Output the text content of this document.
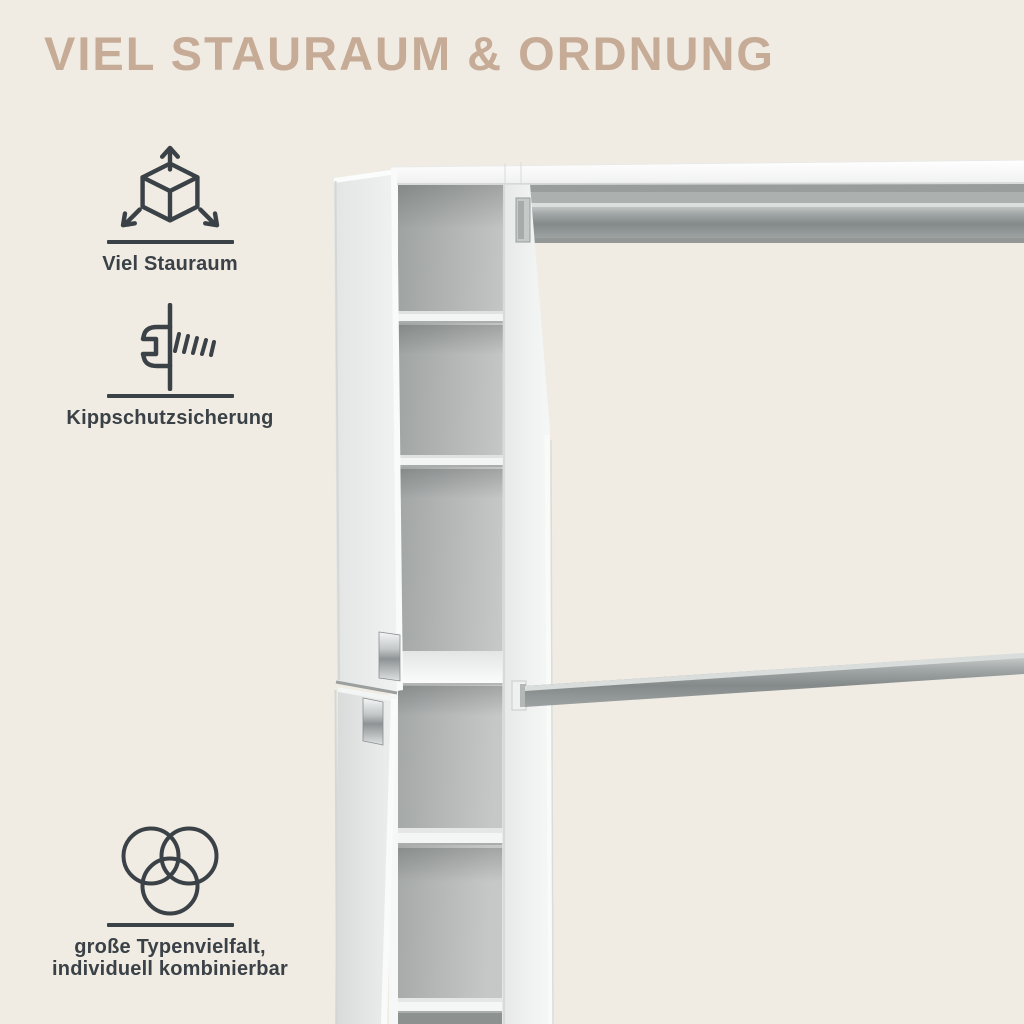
VIEL STAURAUM & ORDNUNG
Viel Stauraum
Kippschutzsicherung
große Typenvielfalt,
individuell kombinierbar
